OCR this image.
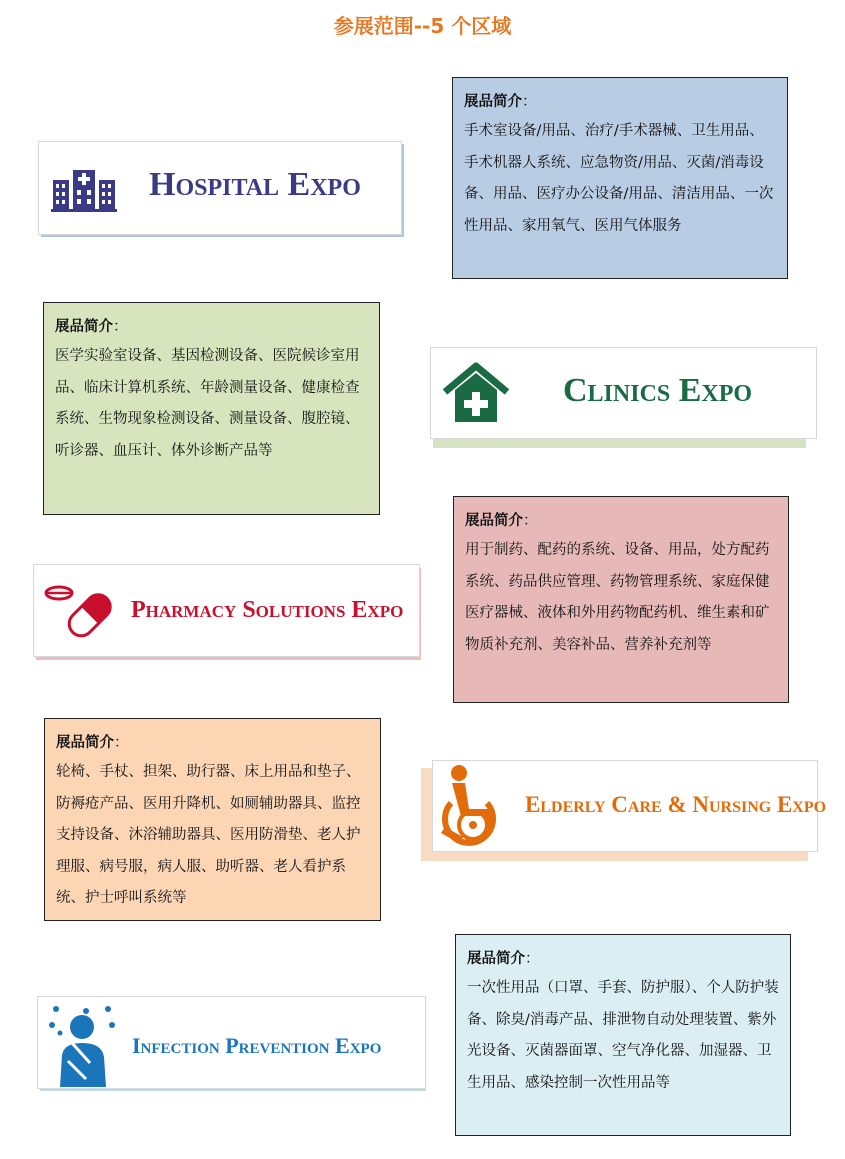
参展范围--5 个区域
Hospital Expo
展品简介：
手术室设备/用品、治疗/手术器械、卫生用品、手术机器人系统、应急物资/用品、灭菌/消毒设备、用品、医疗办公设备/用品、清洁用品、一次性用品、家用氧气、医用气体服务
Clinics Expo
展品简介：
医学实验室设备、基因检测设备、医院候诊室用品、临床计算机系统、年龄测量设备、健康检查系统、生物现象检测设备、测量设备、腹腔镜、听诊器、血压计、体外诊断产品等
Pharmacy Solutions Expo
展品简介：
用于制药、配药的系统、设备、用品，处方配药系统、药品供应管理、药物管理系统、家庭保健医疗器械、液体和外用药物配药机、维生素和矿物质补充剂、美容补品、营养补充剂等
Elderly Care & Nursing Expo
展品简介：
轮椅、手杖、担架、助行器、床上用品和垫子、防褥疮产品、医用升降机、如厕辅助器具、监控支持设备、沐浴辅助器具、医用防滑垫、老人护理服、病号服，病人服、助听器、老人看护系统、护士呼叫系统等
Infection Prevention Expo
展品简介：
一次性用品（口罩、手套、防护服）、个人防护装备、除臭/消毒产品、排泄物自动处理装置、紫外光设备、灭菌器面罩、空气净化器、加湿器、卫生用品、感染控制一次性用品等
